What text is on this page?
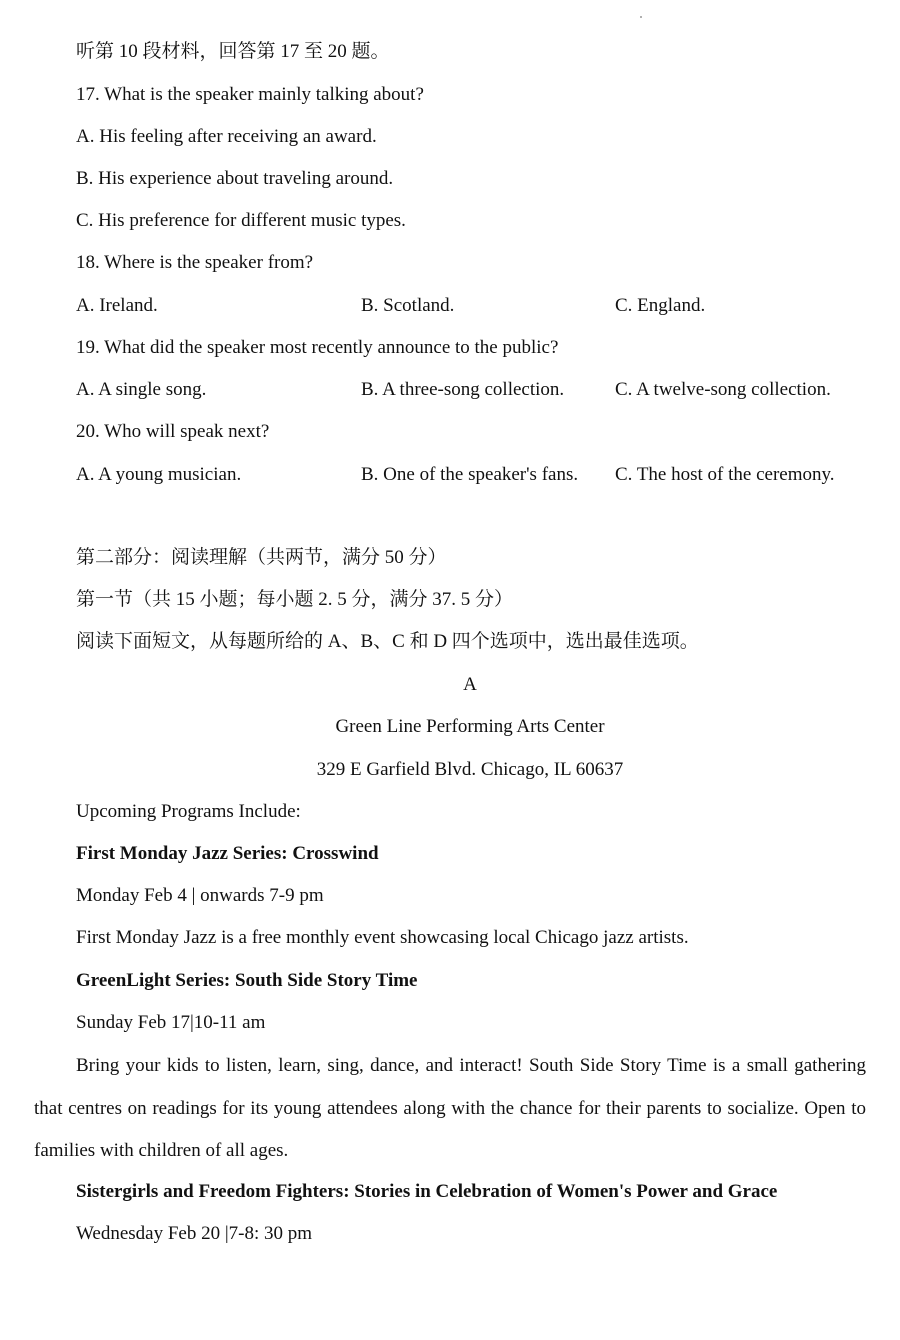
听第 10 段材料，回答第 17 至 20 题。
17. What is the speaker mainly talking about?
A. His feeling after receiving an award.
B. His experience about traveling around.
C. His preference for different music types.
18. Where is the speaker from?
A. Ireland.	B. Scotland.	C. England.
19. What did the speaker most recently announce to the public?
A. A single song.	B. A three-song collection.	C. A twelve-song collection.
20. Who will speak next?
A. A young musician.	B. One of the speaker's fans. C. The host of the ceremony.
第二部分：阅读理解（共两节，满分 50 分）
第一节（共 15 小题；每小题 2. 5 分，满分 37. 5 分）
阅读下面短文，从每题所给的 A、B、C 和 D 四个选项中，选出最佳选项。
A
Green Line Performing Arts Center
329 E Garfield Blvd. Chicago, IL 60637
Upcoming Programs Include:
First Monday Jazz Series: Crosswind
Monday Feb 4 | onwards 7-9 pm
First Monday Jazz is a free monthly event showcasing local Chicago jazz artists.
GreenLight Series: South Side Story Time
Sunday Feb 17|10-11 am
Bring your kids to listen, learn, sing, dance, and interact! South Side Story Time is a small gathering that centres on readings for its young attendees along with the chance for their parents to socialize. Open to families with children of all ages.
Sistergirls and Freedom Fighters: Stories in Celebration of Women's Power and Grace
Wednesday Feb 20 |7-8: 30 pm
